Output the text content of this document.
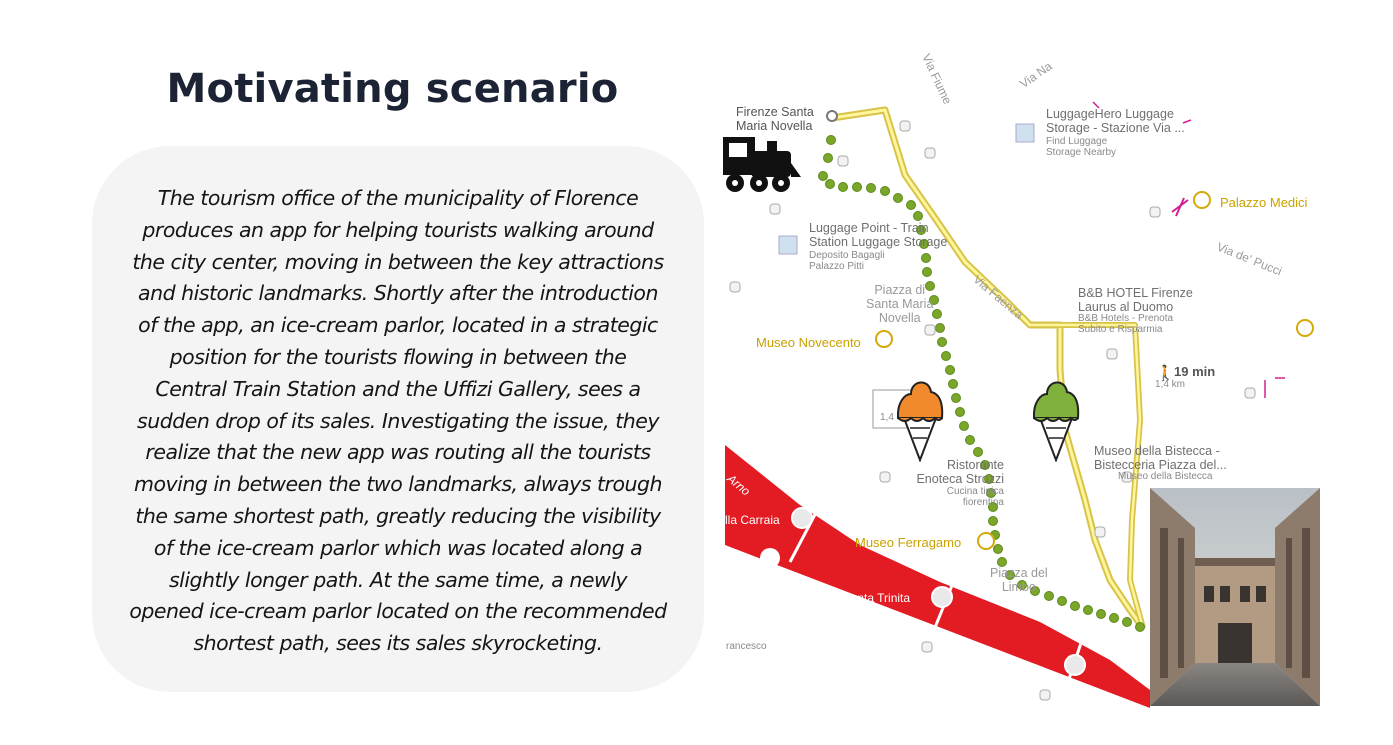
Motivating scenario
The tourism office of the municipality of Florence
produces an app for helping tourists walking around
the city center, moving in between the key attractions
and historic landmarks. Shortly after the introduction
of the app, an ice-cream parlor, located in a strategic
position for the tourists flowing in between the
Central Train Station and the Uffizi Gallery, sees a
sudden drop of its sales. Investigating the issue, they
realize that the new app was routing all the tourists
moving in between the two landmarks, always trough
the same shortest path, greatly reducing the visibility
of the ice-cream parlor which was located along a
slightly longer path. At the same time, a newly
opened ice-cream parlor located on the recommended
shortest path, sees its sales skyrocketing.
🚶
Firenze Santa
Maria Novella
LuggageHero Luggage
Storage - Stazione Via ...
Find Luggage
Storage Nearby
Palazzo Medici
Luggage Point - Train
Station Luggage Storage
Deposito Bagagli
Palazzo Pitti	Via de' Pucci
Via Fiume	Via Na
Via Faenza
Piazza di
Santa Maria
Novella
Museo Novecento
B&B HOTEL Firenze
Laurus al Duomo
B&B Hotels - Prenota
Subito e Risparmia
19 min
1,4 km
1,4
Museo della Bistecca -
Bistecceria Piazza del...
Museo della Bistecca
Ristorante
Enoteca Strozzi
Cucina tipica
fiorentina
Museo Ferragamo
Piazza del
Limbo
lla Carraia
Ponte Santa Trinita
Ponte Vecchio
Arno
rancesco
